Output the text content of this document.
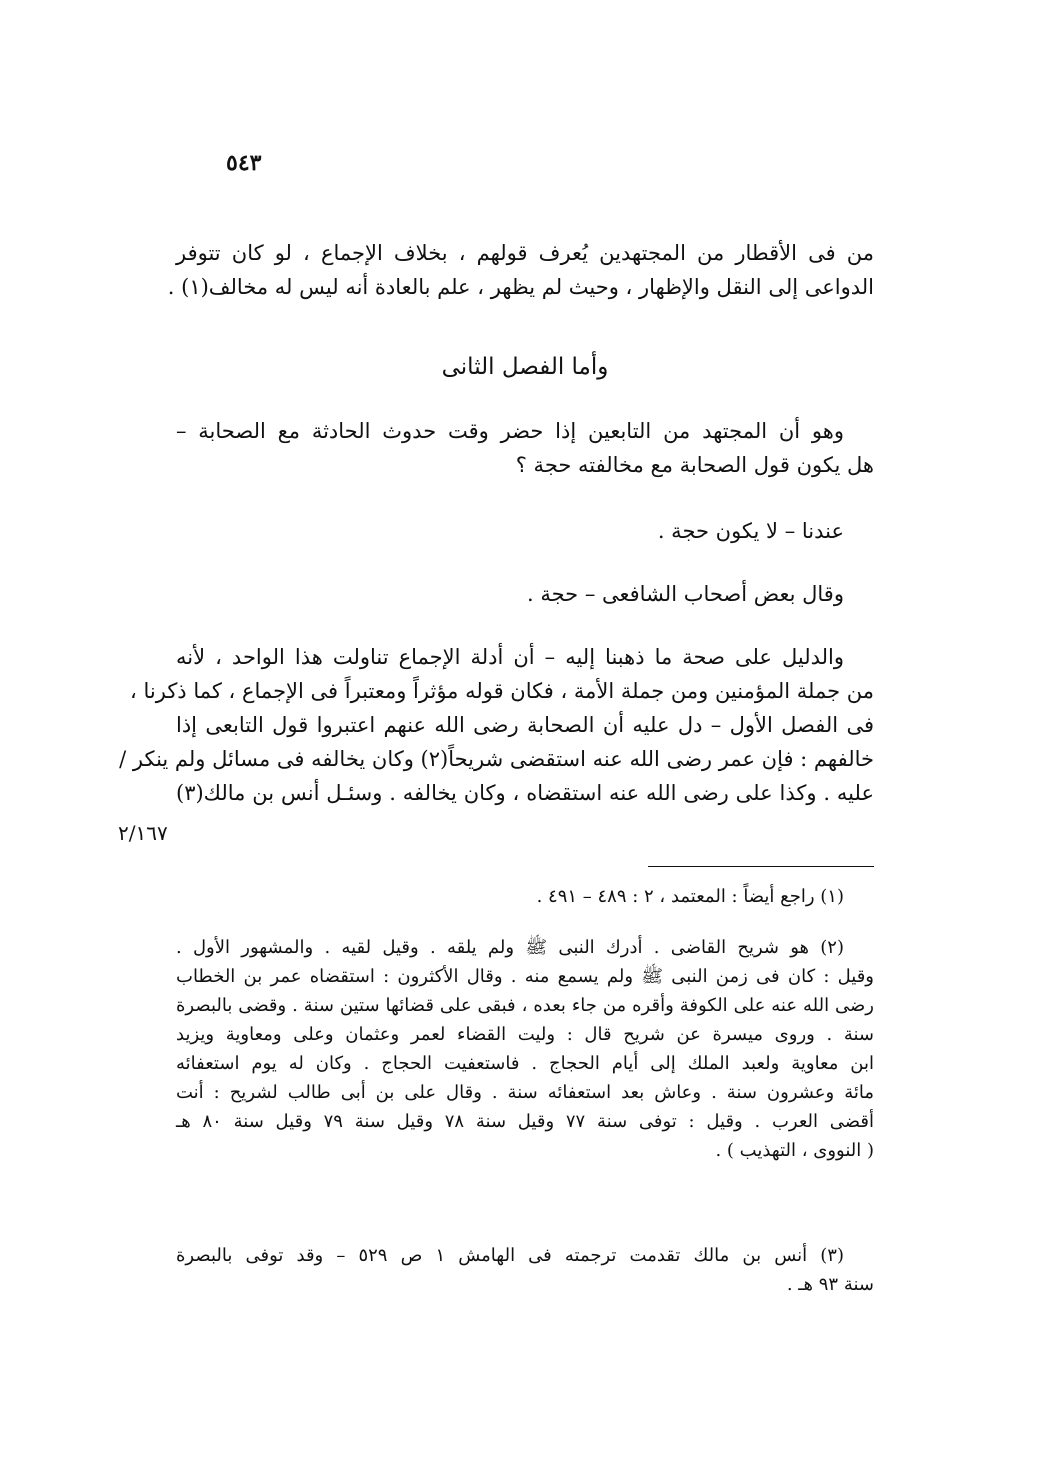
٥٤٣
من فى الأقطار من المجتهدين يُعرف قولهم ، بخلاف الإجماع ، لو كان تتوفر
الدواعى إلى النقل والإظهار ، وحيث لم يظهر ، علم بالعادة أنه ليس له مخالف(١) .
وأما الفصل الثانى
وهو أن المجتهد من التابعين إذا حضر وقت حدوث الحادثة مع الصحابة –
هل يكون قول الصحابة مع مخالفته حجة ؟
عندنا – لا يكون حجة .
وقال بعض أصحاب الشافعى – حجة .
والدليل على صحة ما ذهبنا إليه – أن أدلة الإجماع تناولت هذا الواحد ، لأنه
من جملة المؤمنين ومن جملة الأمة ، فكان قوله مؤثراً ومعتبراً فى الإجماع ، كما ذكرنا ،
فى الفصل الأول – دل عليه أن الصحابة رضى الله عنهم اعتبروا قول التابعى إذا
خالفهم : فإن عمر رضى الله عنه استقضى شريحاً(٢) وكان يخالفه فى مسائل ولم ينكر /
عليه . وكذا على رضى الله عنه استقضاه ، وكان يخالفه . وسئـل أنس بن مالك(٣)
٢/١٦٧
(١) راجع أيضاً : المعتمد ، ٢ : ٤٨٩ – ٤٩١ .
(٢) هو شريح القاضى . أدرك النبى ﷺ ولم يلقه . وقيل لقيه . والمشهور الأول .
وقيل : كان فى زمن النبى ﷺ ولم يسمع منه . وقال الأكثرون : استقضاه عمر بن الخطاب
رضى الله عنه على الكوفة وأقره من جاء بعده ، فبقى على قضائها ستين سنة . وقضى بالبصرة
سنة . وروى ميسرة عن شريح قال : وليت القضاء لعمر وعثمان وعلى ومعاوية ويزيد
ابن معاوية ولعبد الملك إلى أيام الحجاج . فاستعفيت الحجاج . وكان له يوم استعفائه
مائة وعشرون سنة . وعاش بعد استعفائه سنة . وقال على بن أبى طالب لشريح : أنت
أقضى العرب . وقيل : توفى سنة ٧٧ وقيل سنة ٧٨ وقيل سنة ٧٩ وقيل سنة ٨٠ هـ
( النووى ، التهذيب ) .
(٣) أنس بن مالك تقدمت ترجمته فى الهامش ١ ص ٥٢٩ – وقد توفى بالبصرة
سنة ٩٣ هـ .
